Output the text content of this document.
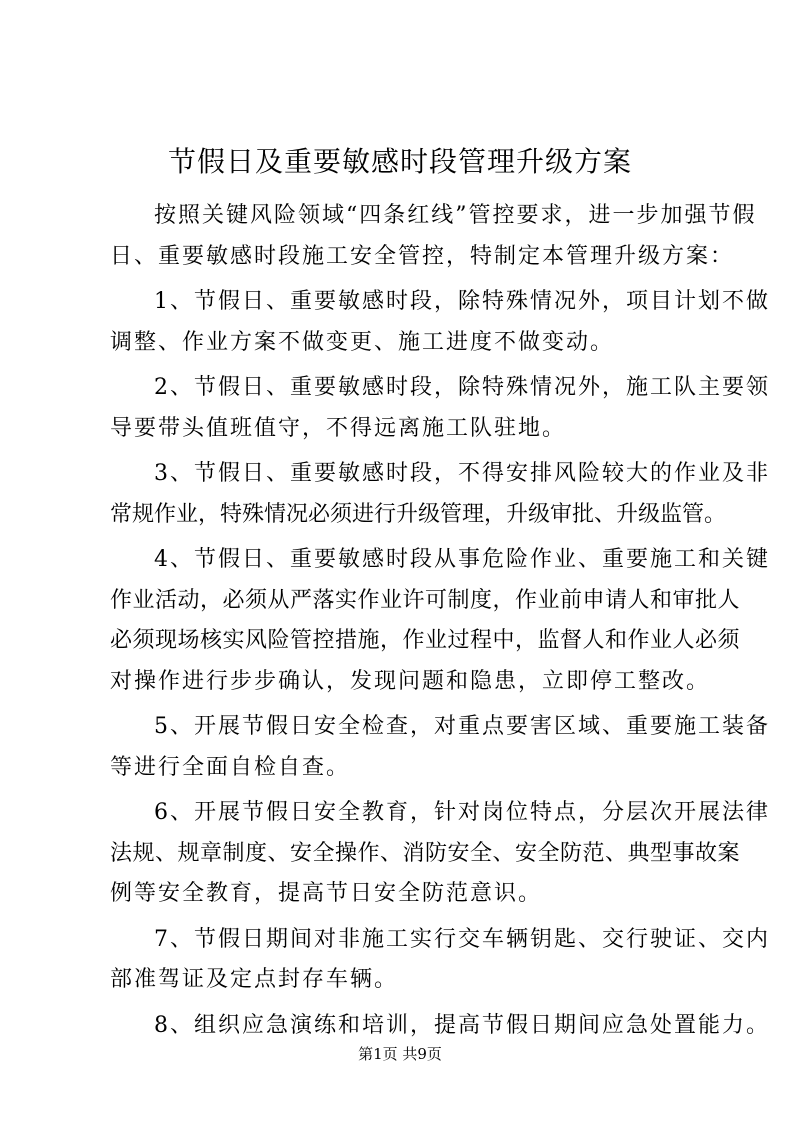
节假日及重要敏感时段管理升级方案

按照关键风险领域“四条红线”管控要求，进一步加强节假
日、重要敏感时段施工安全管控，特制定本管理升级方案：

1、节假日、重要敏感时段，除特殊情况外，项目计划不做
调整、作业方案不做变更、施工进度不做变动。

2、节假日、重要敏感时段，除特殊情况外，施工队主要领
导要带头值班值守，不得远离施工队驻地。

3、节假日、重要敏感时段，不得安排风险较大的作业及非
常规作业，特殊情况必须进行升级管理，升级审批、升级监管。

4、节假日、重要敏感时段从事危险作业、重要施工和关键
作业活动，必须从严落实作业许可制度，作业前申请人和审批人
必须现场核实风险管控措施，作业过程中，监督人和作业人必须
对操作进行步步确认，发现问题和隐患，立即停工整改。

5、开展节假日安全检查，对重点要害区域、重要施工装备
等进行全面自检自查。

6、开展节假日安全教育，针对岗位特点，分层次开展法律
法规、规章制度、安全操作、消防安全、安全防范、典型事故案
例等安全教育，提高节日安全防范意识。

7、节假日期间对非施工实行交车辆钥匙、交行驶证、交内
部准驾证及定点封存车辆。

8、组织应急演练和培训，提高节假日期间应急处置能力。

第1页 共9页
